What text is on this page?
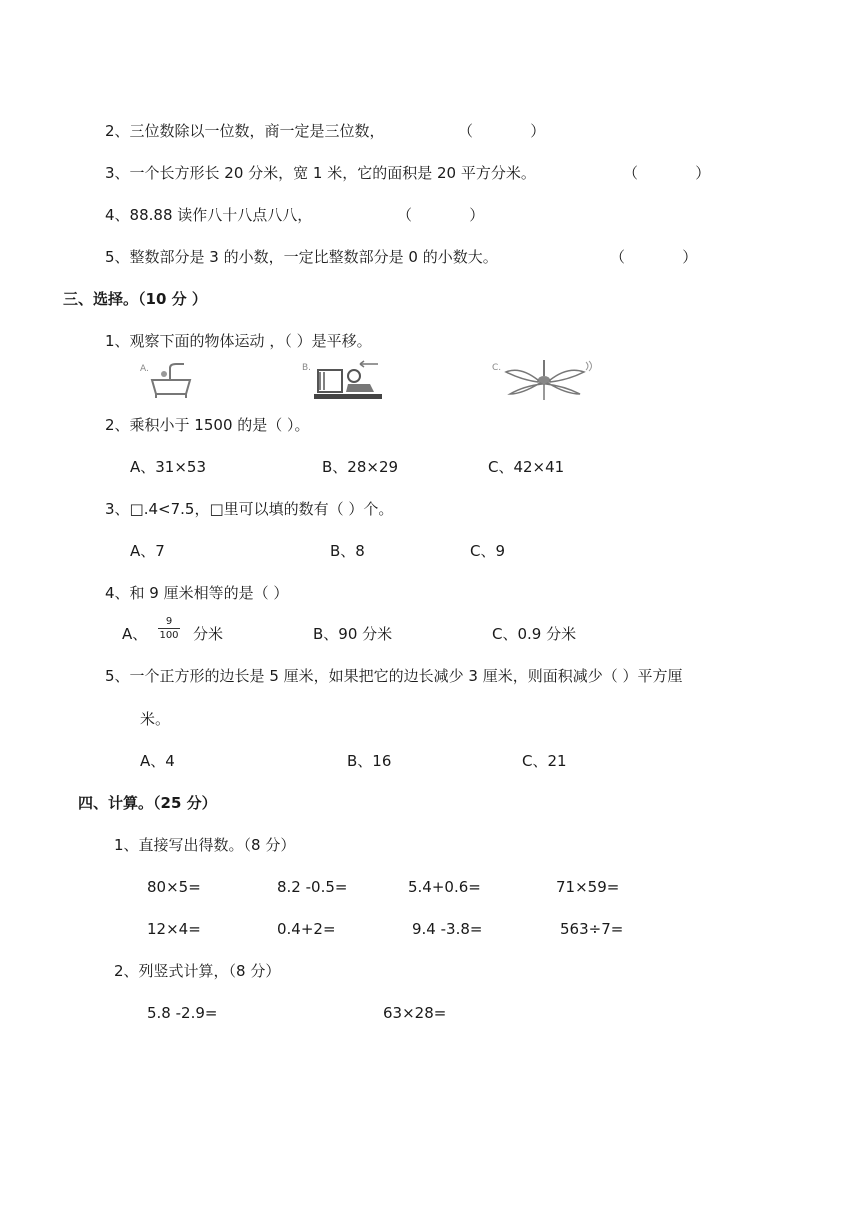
2、三位数除以一位数，商一定是三位数，	（            ）
3、一个长方形长 20 分米，宽 1 米，它的面积是 20 平方分米。	（            ）
4、88.88 读作八十八点八八，	（            ）
5、整数部分是 3 的小数，一定比整数部分是 0 的小数大。	（            ）
三、选择。（10 分 ）
1、观察下面的物体运动 ，（ ）是平移。
A.	B.	C.
2、乘积小于 1500 的是（ ）。
A、31×53	B、28×29	C、42×41
3、□.4<7.5，□里可以填的数有（ ）个。
A、7	B、8	C、9
4、和 9 厘米相等的是（ ）
A、
9
100 分米	B、90 分米	C、0.9 分米
5、一个正方形的边长是 5 厘米，如果把它的边长减少 3 厘米，则面积减少（ ）平方厘
米。
A、4	B、16	C、21
四、计算。（25 分）
1、直接写出得数。（8 分）
80×5=	8.2 -0.5=	5.4+0.6=	71×59=
12×4=	0.4+2=	9.4 -3.8=	563÷7=
2、列竖式计算，（8 分）
5.8 -2.9=	63×28=
